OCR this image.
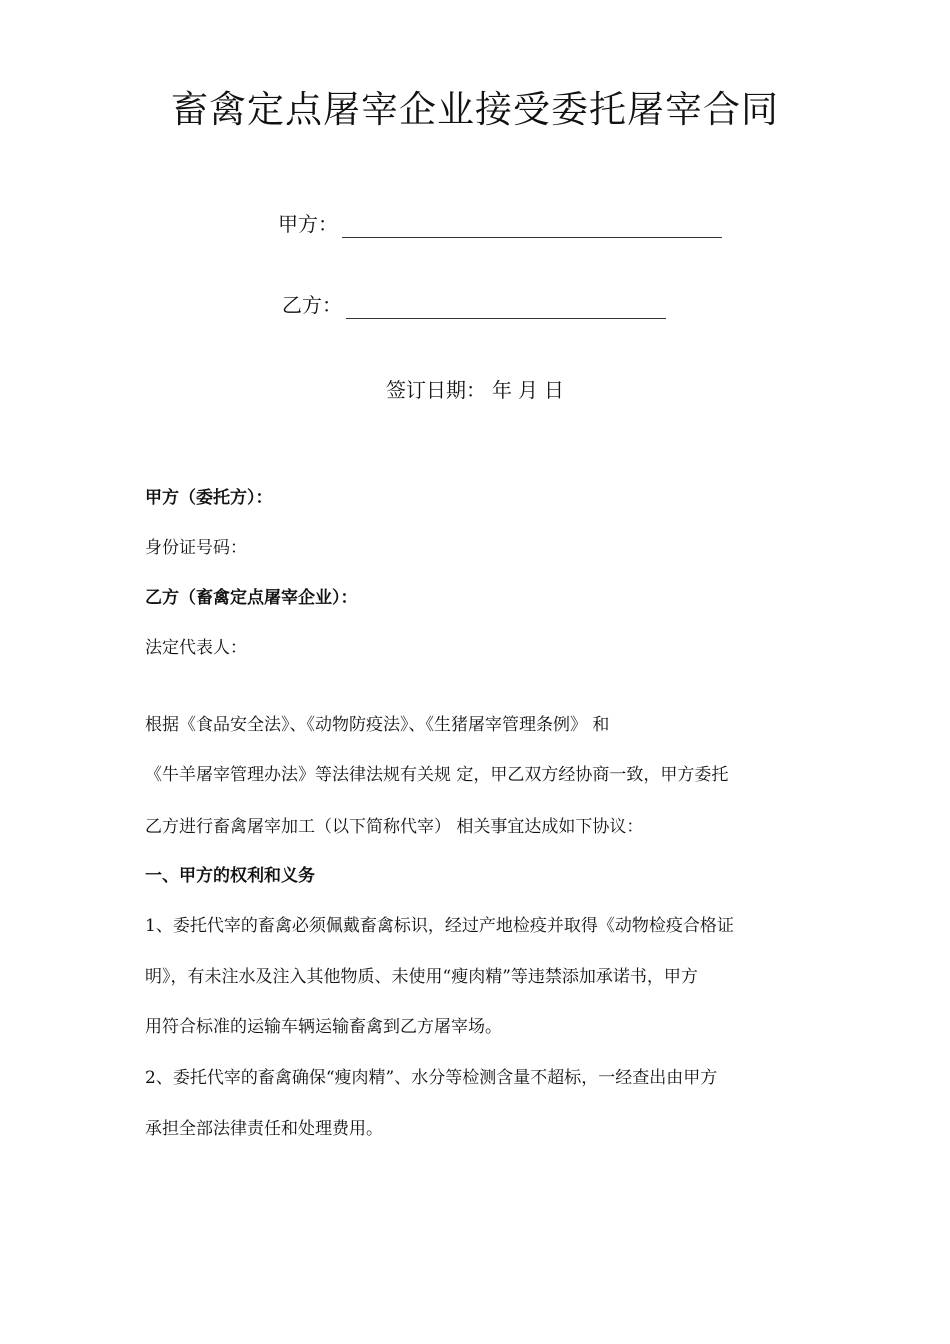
畜禽定点屠宰企业接受委托屠宰合同
甲方：
乙方：
签订日期： 年 月 日
甲方（委托方）：
身份证号码：
乙方（畜禽定点屠宰企业）：
法定代表人：
根据《食品安全法》、《动物防疫法》、《生猪屠宰管理条例》 和
《牛羊屠宰管理办法》等法律法规有关规 定，甲乙双方经协商一致，甲方委托
乙方进行畜禽屠宰加工（以下简称代宰） 相关事宜达成如下协议：
一、甲方的权利和义务
1、委托代宰的畜禽必须佩戴畜禽标识，经过产地检疫并取得《动物检疫合格证
明》，有未注水及注入其他物质、未使用“瘦肉精”等违禁添加承诺书，甲方
用符合标准的运输车辆运输畜禽到乙方屠宰场。
2、委托代宰的畜禽确保“瘦肉精”、水分等检测含量不超标，一经查出由甲方
承担全部法律责任和处理费用。
